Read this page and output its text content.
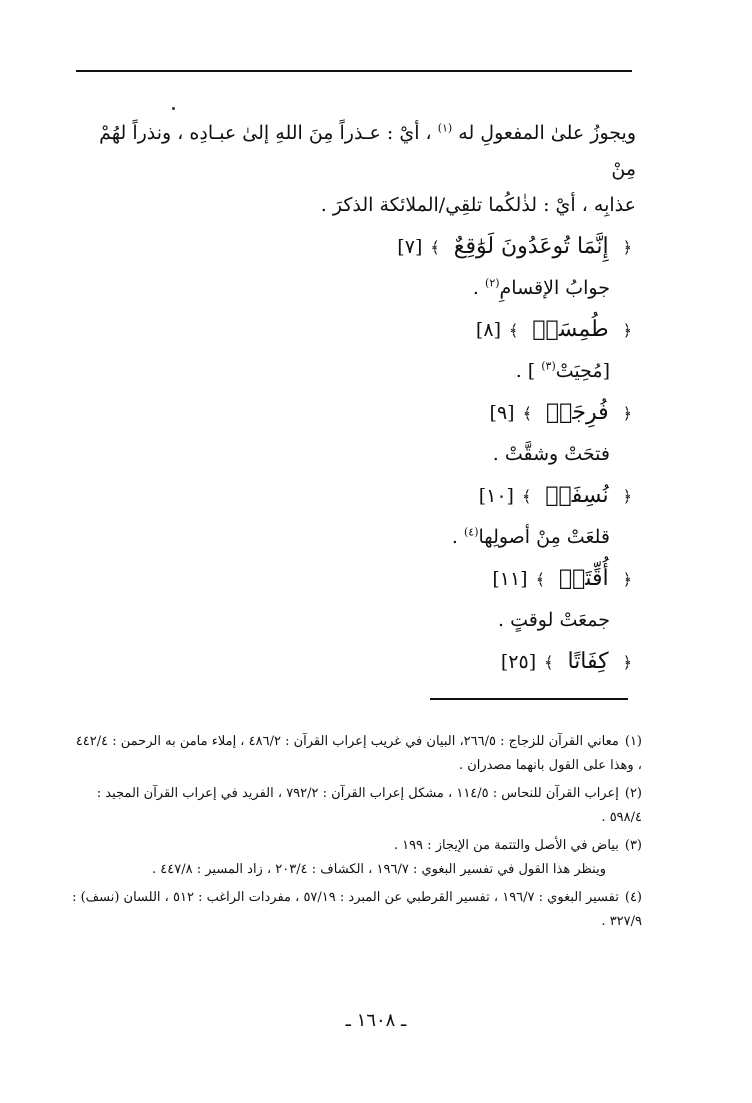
ويجوزُ علىٰ المفعولِ له $^{(١)}$ ، أيْ : عـذراً مِنَ اللهِ إلىٰ عبـادِه ، ونذراً لهُمْ مِنْ
عذابِه ، أيْ : لذٰلكُما تلقِي/الملائكة الذكرَ .

﴿إِنَّمَا تُوعَدُونَ لَوَٰقِعٌ﴾[٧]
جوابُ الإقسامِ$^{(٢)}$ .
﴿طُمِسَتۡ﴾[٨]
[مُحِيَتْ$^{(٣)}$ ] .
﴿فُرِجَتۡ﴾[٩]
فتحَتْ وشقَّتْ .
﴿نُسِفَتۡ﴾[١٠]
قلعَتْ مِنْ أصولِها$^{(٤)}$ .
﴿أُقِّتَتۡ﴾[١١]
جمعَتْ لوقتٍ .
﴿كِفَاتًا﴾[٢٥]
(١)معاني القرآن للزجاج : ٢٦٦/٥، البيان في غريب إعراب القرآن : ٤٨٦/٢ ، إملاء مامن به الرحمن : ٤٤٢/٤ ، وهذا على القول بانهما مصدران .
(٢)إعراب القرآن للنحاس : ١١٤/٥ ، مشكل إعراب القرآن : ٧٩٢/٢ ، الفريد في إعراب القرآن المجيد : ٥٩٨/٤ .
(٣)بياض في الأصل والتتمة من الإيجاز : ١٩٩ .
وينظر هذا القول في تفسير البغوي : ١٩٦/٧ ، الكشاف : ٢٠٣/٤ ، زاد المسير : ٤٤٧/٨ .
(٤)تفسير البغوي : ١٩٦/٧ ، تفسير القرطبي عن المبرد : ٥٧/١٩ ، مفردات الراغب : ٥١٢ ، اللسان (نسف) : ٣٢٧/٩ .
ـ ١٦٠٨ ـ
